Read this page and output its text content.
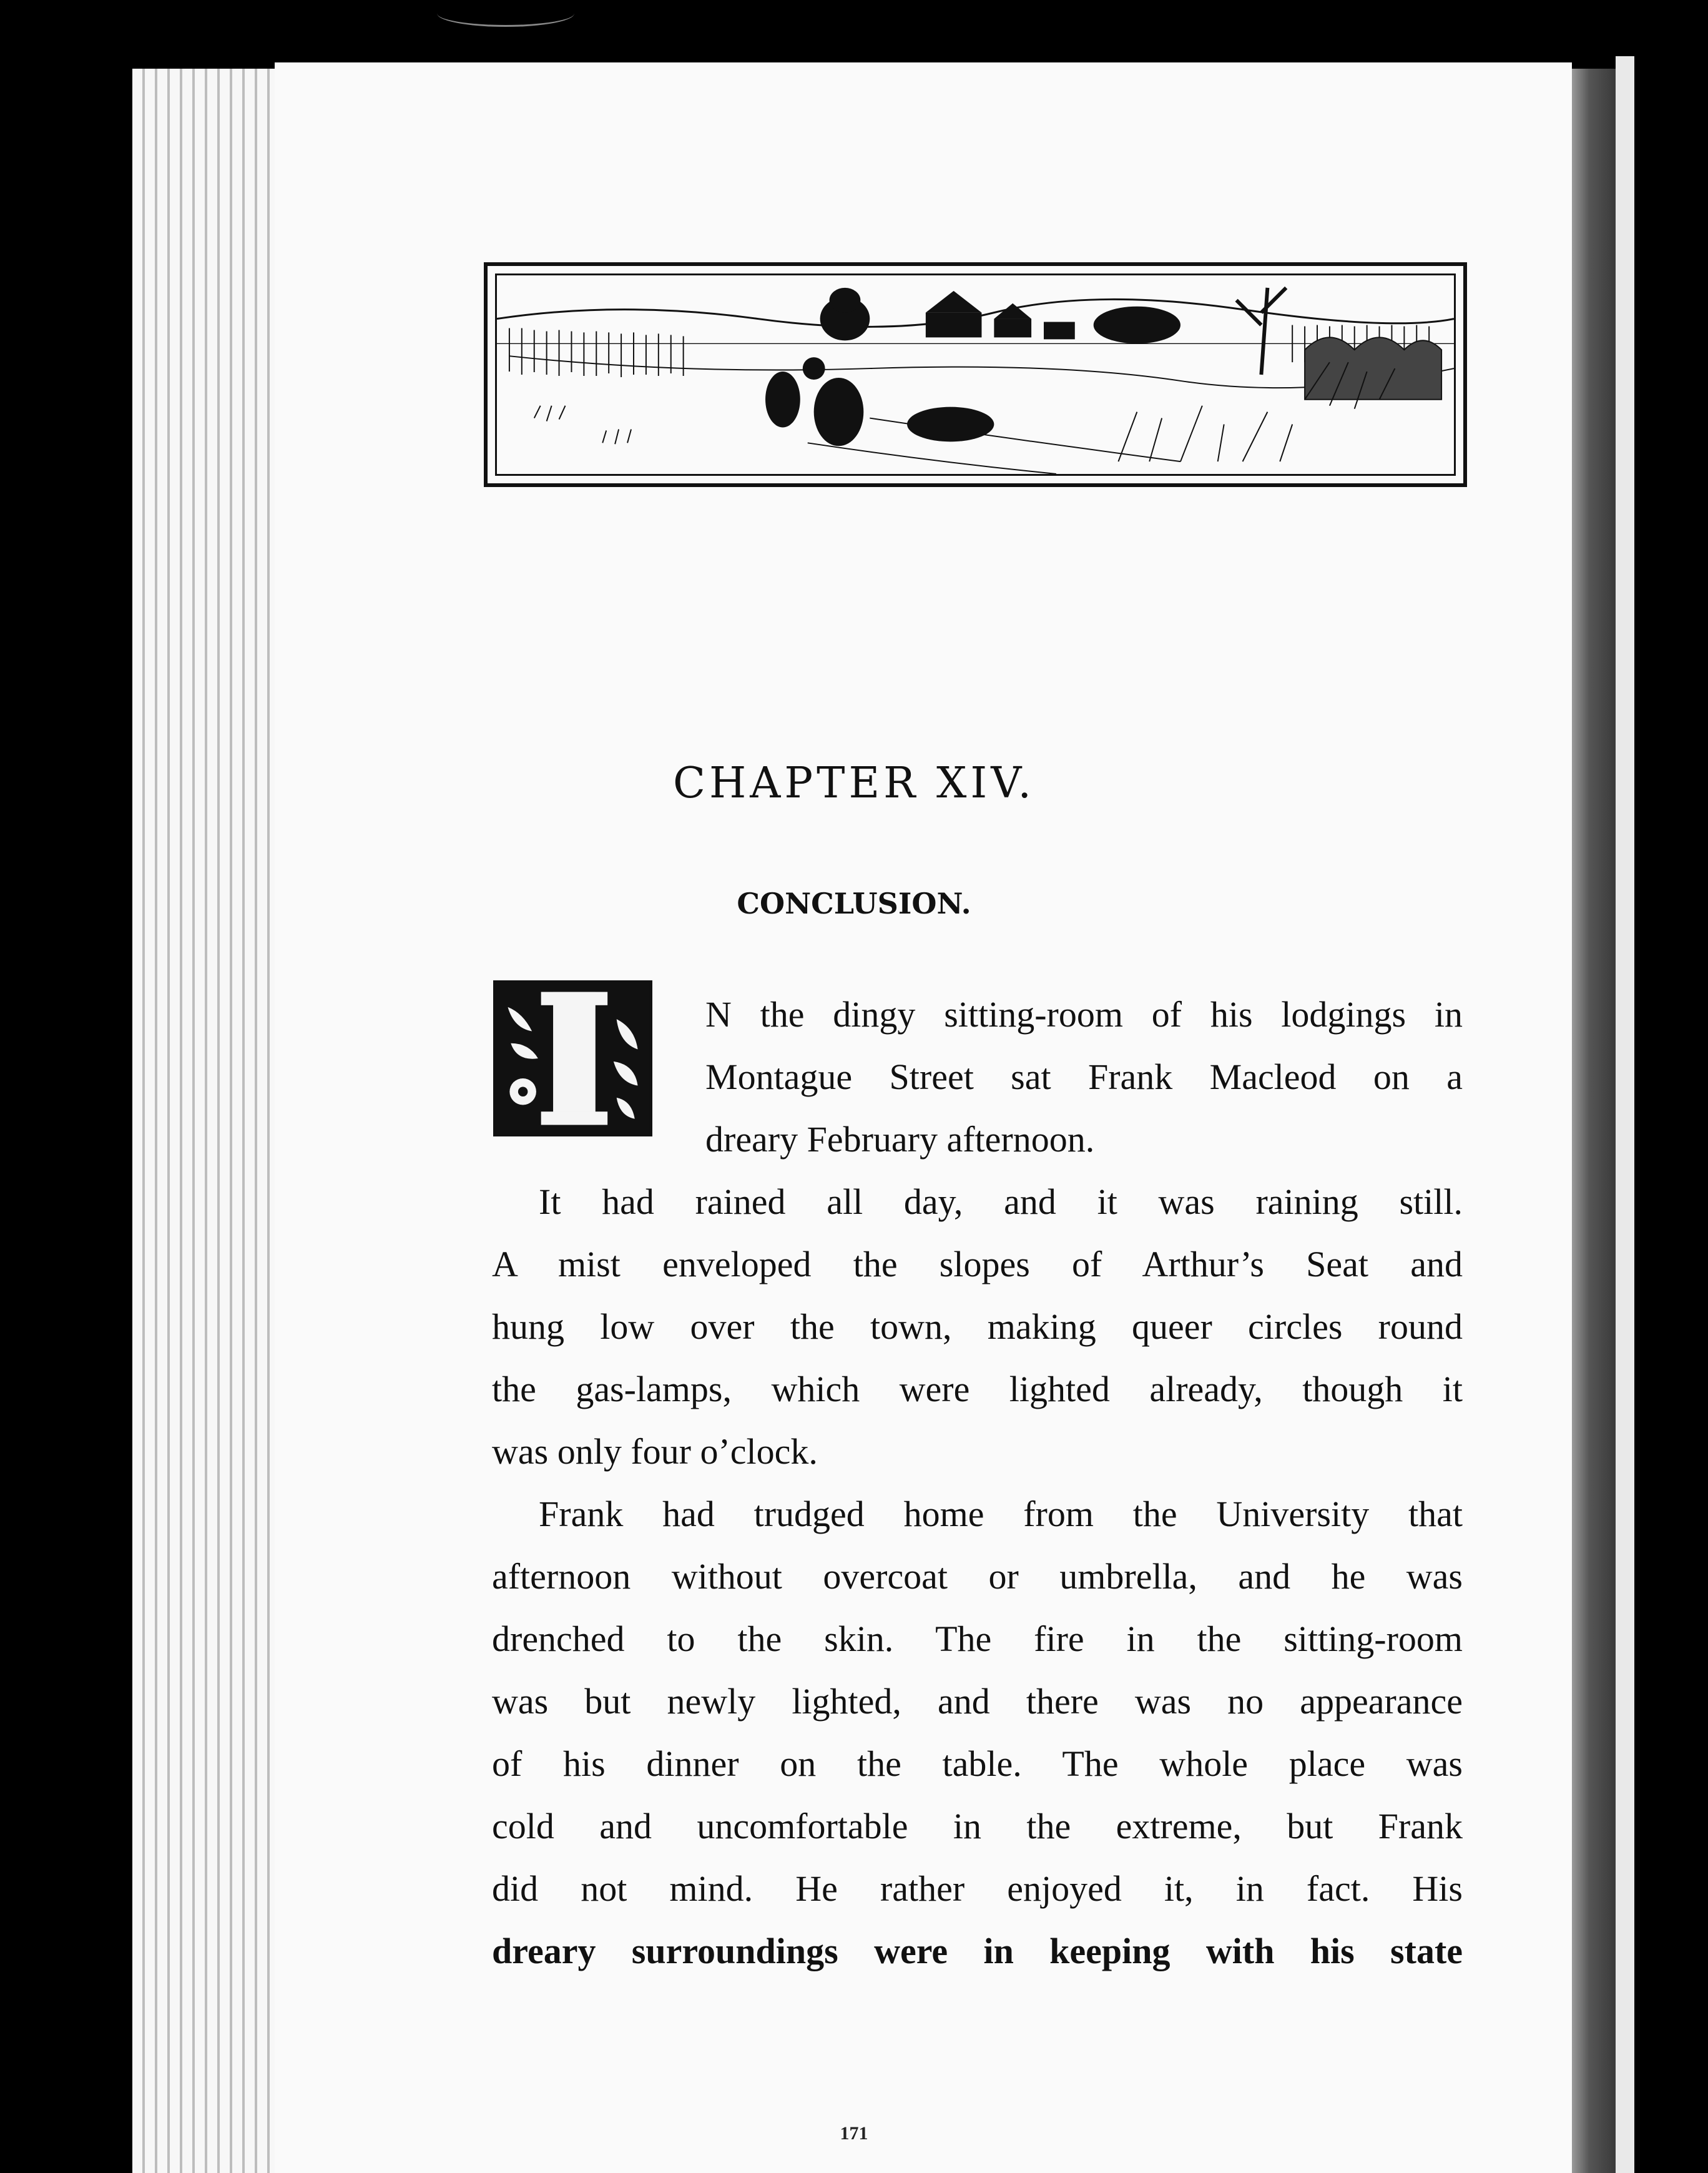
CHAPTER XIV.
CONCLUSION.
N the dingy sitting-room of his lodgings in
Montague Street sat Frank Macleod on a
dreary February afternoon.
It had rained all day, and it was raining still.
A mist enveloped the slopes of Arthur’s Seat and
hung low over the town, making queer circles round
the gas-lamps, which were lighted already, though it
was only four o’clock.
Frank had trudged home from the University that
afternoon without overcoat or umbrella, and he was
drenched to the skin. The fire in the sitting-room
was but newly lighted, and there was no appearance
of his dinner on the table. The whole place was
cold and uncomfortable in the extreme, but Frank
did not mind. He rather enjoyed it, in fact. His
dreary surroundings were in keeping with his state
171
